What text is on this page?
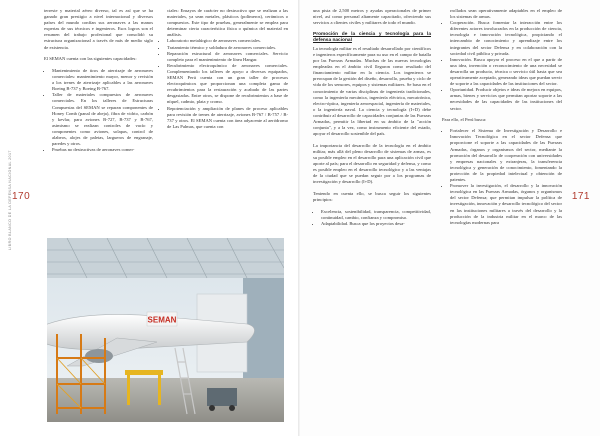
170
LIBRO BLANCO DE LA DEFENSA NACIONAL 2017

terreste y material aéreo diverso, tal es así que se ha ganado gran prestigio a nivel internacional y diversos países del mundo confían sus aeronaves a las manos expertas de sus técnicos e ingenieros. Esos logros son el resumen del trabajo profesional que consolidó su estructura organizacional a través de más de medio siglo de existencia.

El SEMAN cuenta con las siguientes capacidades:

• Mantenimiento de tiros de aterrizaje de aeronaves comerciales: mantenimiento mayor, menor y revisión a los trenes de aterrizaje aplicables a las aeronaves Boeing B-737 y Boeing B-767.
• Taller de materiales compuestos de aeronaves comerciales. En los talleres de Estructuras Compuestas del SEMAN se reparan componentes de Honey Comb (panal de abeja), fibra de vidrio, carbón y kevlar, para aviones B-727, B-737 y B-767, asimismo se realizan controles de vacío y componentes como aviones, solapas, control de alabeos, alojes de paletas, largueros de engranaje, paredes y otros.
• Pruebas no destructivas de aeronaves comer-
ciales: Ensayos de carácter no destructivo que se realizan a las materiales, ya sean metales, plásticos (polímeros), cerámicos o compuestos. Este tipo de pruebas, generalmente se emplea para determinar cierta característica física o química del material en análisis.
• Laboratorio metalúrgico de aeronaves comerciales.
• Tratamiento térmico y soldadura de aeronaves comerciales.
• Reparación estructural de aeronaves comerciales. Servicio completo para el mantenimiento de línea Hangar.
• Recubrimiento electroquímico de aeronaves comerciales. Complementando los talleres de apoyo a diversos equipados, SEMAN Perú cuenta con un gran taller de procesos electroquímicos que proporcionan una completa gama de recubrimientos para la restauración y acabado de las partes desgastadas. Entre otros, se dispone de recubrimientos a base de níquel, cadmio, plata y cromo.
• Repotenciación y ampliación de planes de proceso aplicables para revisión de trenes de aterrizaje, aviones B-767 / B-757 / B-737 y otros. El SEMAN cuenta con área adyacente al aeródromo de Las Palmas, que cuenta con
SEMAN
171

una pista de 2,500 metros y ayudas operacionales de primer nivel, así como personal altamente capacitado, ofreciendo sus servicios a clientes civiles y militares de todo el mundo.

Promoción de la ciencia y tecnología para la defensa nacional

La tecnología militar es el resultado desarrollado por científicos e ingenieros específicamente para su uso en el campo de batalla por las Fuerzas Armadas. Muchas de las nuevas tecnologías empleadas en el ámbito civil llegaron como resultado del financiamiento militar en la ciencia. Los ingenieros se preocupan de la gestión del diseño, desarrollo, prueba y ciclo de vida de los sensores, equipos y sistemas militares. Se basa en el conocimiento de varias disciplinas de ingeniería tradicionales, como la ingeniería mecánica, ingeniería eléctrica, mecatrónica, electro-óptica, ingeniería aeroespacial, ingeniería de materiales, o la ingeniería naval. La ciencia y tecnología (I+D) debe contribuir al desarrollo de capacidades conjuntas de las Fuerzas Armadas, permitir la libertad en su ámbito de la "acción conjunta", y a la vez, como instrumento eficiente del estado, apoyar el desarrollo sostenible del país.

La importancia del desarrollo de la tecnología en el ámbito militar, más allá del pleno desarrollo de sistemas de armas, es su posible empleo en el desarrollo para una aplicación civil que aporte al país; para el desarrollo en seguridad y defensa, y como es posible empleo en el desarrollo tecnológico y a las ventajas de la ciudad que se puedan seguir por a los programas de investigación y desarrollo (I+D).

Teniendo en cuenta ello, se busca seguir los siguientes principios:

• Excelencia, sostenibilidad, transparencia, competitividad, continuidad, cambio, confianza y compromiso.
• Adaptabilidad. Busca que los proyectos desa-
rrollados sean operativamente adaptables en el empleo de los sistemas de armas.
• Cooperación. Busca fomentar la interacción entre los diferentes actores involucrados en la producción de ciencia, tecnología e innovación tecnológica, propiciando el intercambio de conocimiento y aprendizaje entre los integrantes del sector Defensa y en colaboración con la sociedad civil pública y privada.
• Innovación. Busca apoyar el proceso en el que a partir de una idea, invención o reconocimiento de una necesidad se desarrolla un producto, técnica o servicio útil hasta que sea operativamente aceptado, generando ideas que puedan servir de soporte a las capacidades de las instituciones del sector.
• Oportunidad. Producir objetos e ideas de mejora en equipos, armas, bienes y servicios que permitan aportar soporte a las necesidades de las capacidades de las instituciones del sector.

Para ello, el Perú busca:

• Fortalecer el Sistema de Investigación y Desarrollo e Innovación Tecnológica en el sector Defensa que proporcione el soporte a las capacidades de las Fuerzas Armadas, órganos y organismos del sector, mediante la promoción del desarrollo de cooperación con universidades y empresas nacionales y extranjeras, la transferencia tecnológica y generación de conocimiento, fomentando la protección de la propiedad intelectual y obtención de patentes.
• Promover la investigación, el desarrollo y la innovación tecnológica en las Fuerzas Armadas, órganos y organismos del sector Defensa; que permitan impulsar la política de investigación, innovación y desarrollo tecnológico del sector en las instituciones militares a través del desarrollo y la producción de la industria militar en el marco de las tecnologías modernas para
